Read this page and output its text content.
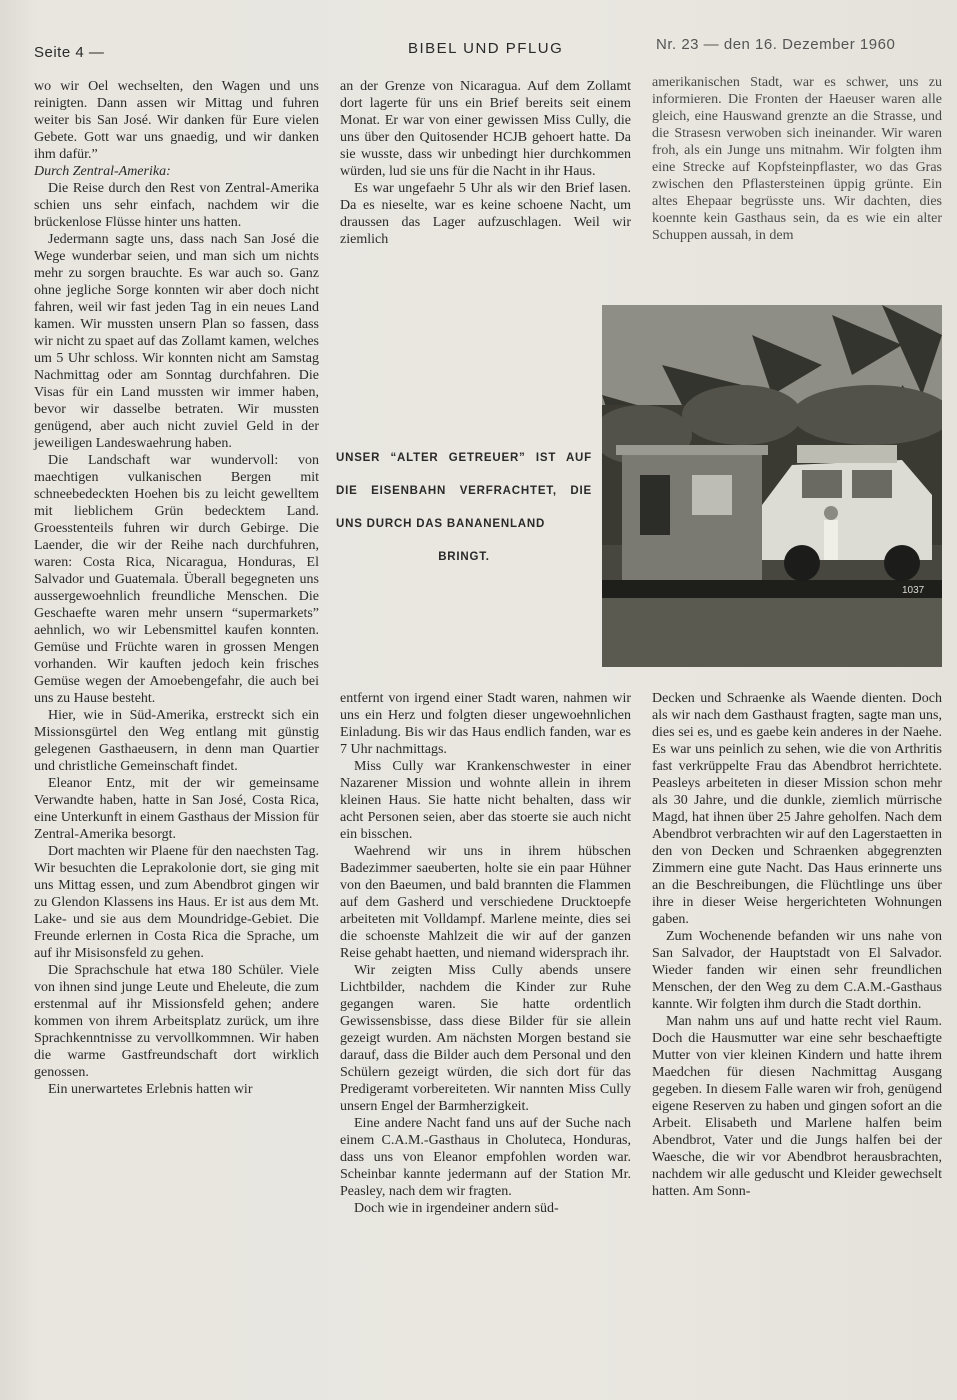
Seite 4 —	BIBEL UND PFLUG	Nr. 23 — den 16. Dezember 1960

wo wir Oel wechselten, den Wagen und uns reinigten. Dann assen wir Mittag und fuhren weiter bis San José. Wir danken für Eure vielen Gebete. Gott war uns gnaedig, und wir danken ihm dafür.”

Durch Zentral-Amerika:

Die Reise durch den Rest von Zentral-Amerika schien uns sehr einfach, nachdem wir die brückenlose Flüsse hinter uns hatten.

Jedermann sagte uns, dass nach San José die Wege wunderbar seien, und man sich um nichts mehr zu sorgen brauchte. Es war auch so. Ganz ohne jegliche Sorge konnten wir aber doch nicht fahren, weil wir fast jeden Tag in ein neues Land kamen. Wir mussten unsern Plan so fassen, dass wir nicht zu spaet auf das Zollamt kamen, welches um 5 Uhr schloss. Wir konnten nicht am Samstag Nachmittag oder am Sonntag durchfahren. Die Visas für ein Land mussten wir immer haben, bevor wir dasselbe betraten. Wir mussten genügend, aber auch nicht zuviel Geld in der jeweiligen Landeswaehrung haben.

Die Landschaft war wundervoll: von maechtigen vulkanischen Bergen mit schneebedeckten Hoehen bis zu leicht gewelltem mit lieblichem Grün bedecktem Land. Groesstenteils fuhren wir durch Gebirge. Die Laender, die wir der Reihe nach durchfuhren, waren: Costa Rica, Nicaragua, Honduras, El Salvador und Guatemala. Überall begegneten uns aussergewoehnlich freundliche Menschen. Die Geschaefte waren mehr unsern “supermarkets” aehnlich, wo wir Lebensmittel kaufen konnten. Gemüse und Früchte waren in grossen Mengen vorhanden. Wir kauften jedoch kein frisches Gemüse wegen der Amoebengefahr, die auch bei uns zu Hause besteht.

Hier, wie in Süd-Amerika, erstreckt sich ein Missionsgürtel den Weg entlang mit günstig gelegenen Gasthaeusern, in denn man Quartier und christliche Gemeinschaft findet.

Eleanor Entz, mit der wir gemeinsame Verwandte haben, hatte in San José, Costa Rica, eine Unterkunft in einem Gasthaus der Mission für Zentral-Amerika besorgt.

Dort machten wir Plaene für den naechsten Tag. Wir besuchten die Leprakolonie dort, sie ging mit uns Mittag essen, und zum Abendbrot gingen wir zu Glendon Klassens ins Haus. Er ist aus dem Mt. Lake- und sie aus dem Moundridge-Gebiet. Die Freunde erlernen in Costa Rica die Sprache, um auf ihr Misisonsfeld zu gehen.

Die Sprachschule hat etwa 180 Schüler. Viele von ihnen sind junge Leute und Eheleute, die zum erstenmal auf ihr Missionsfeld gehen; andere kommen von ihrem Arbeitsplatz zurück, um ihre Sprachkenntnisse zu vervollkommnen. Wir haben die warme Gastfreundschaft dort wirklich genossen.

Ein unerwartetes Erlebnis hatten wir

an der Grenze von Nicaragua. Auf dem Zollamt dort lagerte für uns ein Brief bereits seit einem Monat. Er war von einer gewissen Miss Cully, die uns über den Quitosender HCJB gehoert hatte. Da sie wusste, dass wir unbedingt hier durchkommen würden, lud sie uns für die Nacht in ihr Haus.

Es war ungefaehr 5 Uhr als wir den Brief lasen. Da es nieselte, war es keine schoene Nacht, um draussen das Lager aufzuschlagen. Weil wir ziemlich

amerikanischen Stadt, war es schwer, uns zu informieren. Die Fronten der Haeuser waren alle gleich, eine Hauswand grenzte an die Strasse, und die Strasesn verwoben sich ineinander. Wir waren froh, als ein Junge uns mitnahm. Wir folgten ihm eine Strecke auf Kopfsteinpflaster, wo das Gras zwischen den Pflastersteinen üppig grünte. Ein altes Ehepaar begrüsste uns. Wir dachten, dies koennte kein Gasthaus sein, da es wie ein alter Schuppen aussah, in dem

UNSER “ALTER GETREUER” IST AUF DIE EISENBAHN VERFRACHTET, DIE UNS DURCH DAS BANANENLAND
BRINGT.
1037

entfernt von irgend einer Stadt waren, nahmen wir uns ein Herz und folgten dieser ungewoehnlichen Einladung. Bis wir das Haus endlich fanden, war es 7 Uhr nachmittags.

Miss Cully war Krankenschwester in einer Nazarener Mission und wohnte allein in ihrem kleinen Haus. Sie hatte nicht behalten, dass wir acht Personen seien, aber das stoerte sie auch nicht ein bisschen.

Waehrend wir uns in ihrem hübschen Badezimmer saeuberten, holte sie ein paar Hühner von den Baeumen, und bald brannten die Flammen auf dem Gasherd und verschiedene Drucktoepfe arbeiteten mit Volldampf. Marlene meinte, dies sei die schoenste Mahlzeit die wir auf der ganzen Reise gehabt haetten, und niemand widersprach ihr.

Wir zeigten Miss Cully abends unsere Lichtbilder, nachdem die Kinder zur Ruhe gegangen waren. Sie hatte ordentlich Gewissensbisse, dass diese Bilder für sie allein gezeigt wurden. Am nächsten Morgen bestand sie darauf, dass die Bilder auch dem Personal und den Schülern gezeigt würden, die sich dort für das Predigeramt vorbereiteten. Wir nannten Miss Cully unsern Engel der Barmherzigkeit.

Eine andere Nacht fand uns auf der Suche nach einem C.A.M.-Gasthaus in Choluteca, Honduras, dass uns von Eleanor empfohlen worden war. Scheinbar kannte jedermann auf der Station Mr. Peasley, nach dem wir fragten.

Doch wie in irgendeiner andern süd-

Decken und Schraenke als Waende dienten. Doch als wir nach dem Gasthaust fragten, sagte man uns, dies sei es, und es gaebe kein anderes in der Naehe. Es war uns peinlich zu sehen, wie die von Arthritis fast verkrüppelte Frau das Abendbrot herrichtete. Peasleys arbeiteten in dieser Mission schon mehr als 30 Jahre, und die dunkle, ziemlich mürrische Magd, hat ihnen über 25 Jahre geholfen. Nach dem Abendbrot verbrachten wir auf den Lagerstaetten in den von Decken und Schraenken abgegrenzten Zimmern eine gute Nacht. Das Haus erinnerte uns an die Beschreibungen, die Flüchtlinge uns über ihre in dieser Weise hergerichteten Wohnungen gaben.

Zum Wochenende befanden wir uns nahe von San Salvador, der Hauptstadt von El Salvador. Wieder fanden wir einen sehr freundlichen Menschen, der den Weg zu dem C.A.M.-Gasthaus kannte. Wir folgten ihm durch die Stadt dorthin.

Man nahm uns auf und hatte recht viel Raum. Doch die Hausmutter war eine sehr beschaeftigte Mutter von vier kleinen Kindern und hatte ihrem Maedchen für diesen Nachmittag Ausgang gegeben. In diesem Falle waren wir froh, genügend eigene Reserven zu haben und gingen sofort an die Arbeit. Elisabeth und Marlene halfen beim Abendbrot, Vater und die Jungs halfen bei der Waesche, die wir vor Abendbrot herausbrachten, nachdem wir alle geduscht und Kleider gewechselt hatten. Am Sonn-
